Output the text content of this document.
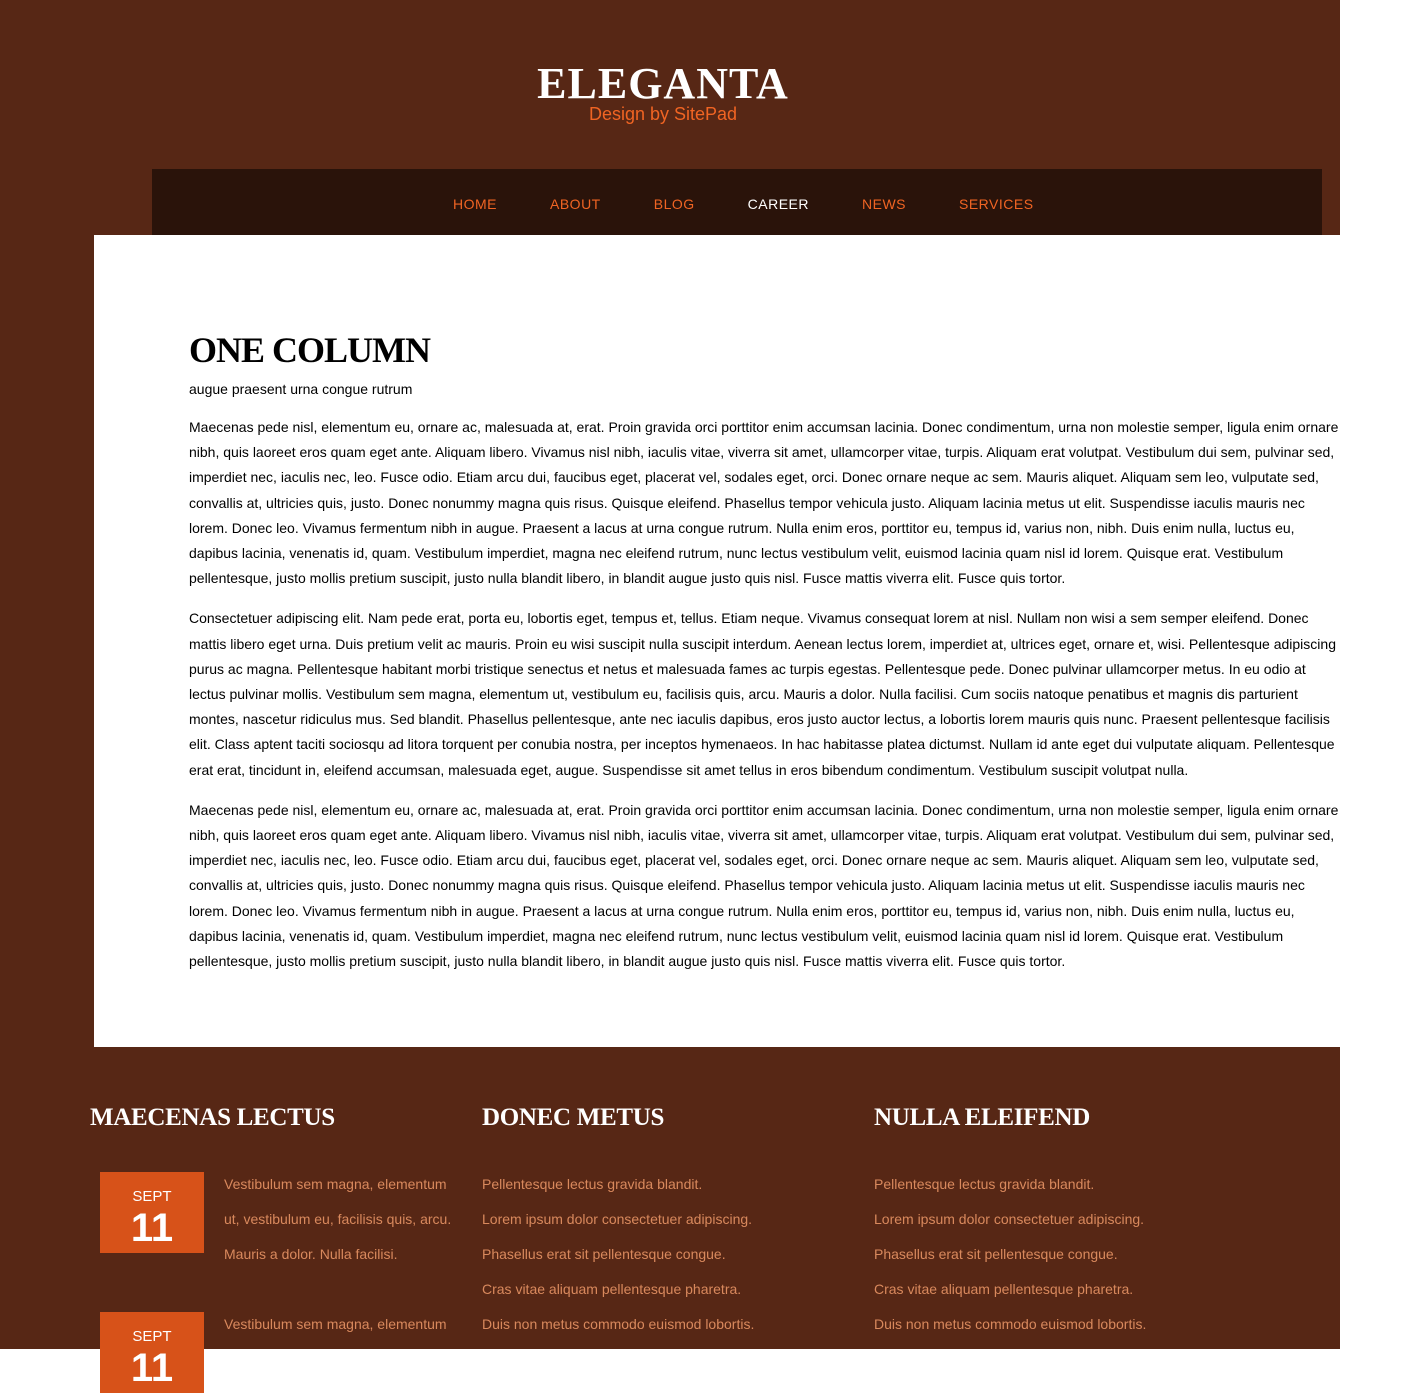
ELEGANTA
Design by SitePad
HOME	ABOUT	BLOG	CAREER	NEWS	SERVICES
ONE COLUMN
augue praesent urna congue rutrum

Maecenas pede nisl, elementum eu, ornare ac, malesuada at, erat. Proin gravida orci porttitor enim accumsan lacinia. Donec condimentum, urna non molestie semper, ligula enim ornare nibh, quis laoreet eros quam eget ante. Aliquam libero. Vivamus nisl nibh, iaculis vitae, viverra sit amet, ullamcorper vitae, turpis. Aliquam erat volutpat. Vestibulum dui sem, pulvinar sed, imperdiet nec, iaculis nec, leo. Fusce odio. Etiam arcu dui, faucibus eget, placerat vel, sodales eget, orci. Donec ornare neque ac sem. Mauris aliquet. Aliquam sem leo, vulputate sed, convallis at, ultricies quis, justo. Donec nonummy magna quis risus. Quisque eleifend. Phasellus tempor vehicula justo. Aliquam lacinia metus ut elit. Suspendisse iaculis mauris nec lorem. Donec leo. Vivamus fermentum nibh in augue. Praesent a lacus at urna congue rutrum. Nulla enim eros, porttitor eu, tempus id, varius non, nibh. Duis enim nulla, luctus eu, dapibus lacinia, venenatis id, quam. Vestibulum imperdiet, magna nec eleifend rutrum, nunc lectus vestibulum velit, euismod lacinia quam nisl id lorem. Quisque erat. Vestibulum pellentesque, justo mollis pretium suscipit, justo nulla blandit libero, in blandit augue justo quis nisl. Fusce mattis viverra elit. Fusce quis tortor.

Consectetuer adipiscing elit. Nam pede erat, porta eu, lobortis eget, tempus et, tellus. Etiam neque. Vivamus consequat lorem at nisl. Nullam non wisi a sem semper eleifend. Donec mattis libero eget urna. Duis pretium velit ac mauris. Proin eu wisi suscipit nulla suscipit interdum. Aenean lectus lorem, imperdiet at, ultrices eget, ornare et, wisi. Pellentesque adipiscing purus ac magna. Pellentesque habitant morbi tristique senectus et netus et malesuada fames ac turpis egestas. Pellentesque pede. Donec pulvinar ullamcorper metus. In eu odio at lectus pulvinar mollis. Vestibulum sem magna, elementum ut, vestibulum eu, facilisis quis, arcu. Mauris a dolor. Nulla facilisi. Cum sociis natoque penatibus et magnis dis parturient montes, nascetur ridiculus mus. Sed blandit. Phasellus pellentesque, ante nec iaculis dapibus, eros justo auctor lectus, a lobortis lorem mauris quis nunc. Praesent pellentesque facilisis elit. Class aptent taciti sociosqu ad litora torquent per conubia nostra, per inceptos hymenaeos. In hac habitasse platea dictumst. Nullam id ante eget dui vulputate aliquam. Pellentesque erat erat, tincidunt in, eleifend accumsan, malesuada eget, augue. Suspendisse sit amet tellus in eros bibendum condimentum. Vestibulum suscipit volutpat nulla.

Maecenas pede nisl, elementum eu, ornare ac, malesuada at, erat. Proin gravida orci porttitor enim accumsan lacinia. Donec condimentum, urna non molestie semper, ligula enim ornare nibh, quis laoreet eros quam eget ante. Aliquam libero. Vivamus nisl nibh, iaculis vitae, viverra sit amet, ullamcorper vitae, turpis. Aliquam erat volutpat. Vestibulum dui sem, pulvinar sed, imperdiet nec, iaculis nec, leo. Fusce odio. Etiam arcu dui, faucibus eget, placerat vel, sodales eget, orci. Donec ornare neque ac sem. Mauris aliquet. Aliquam sem leo, vulputate sed, convallis at, ultricies quis, justo. Donec nonummy magna quis risus. Quisque eleifend. Phasellus tempor vehicula justo. Aliquam lacinia metus ut elit. Suspendisse iaculis mauris nec lorem. Donec leo. Vivamus fermentum nibh in augue. Praesent a lacus at urna congue rutrum. Nulla enim eros, porttitor eu, tempus id, varius non, nibh. Duis enim nulla, luctus eu, dapibus lacinia, venenatis id, quam. Vestibulum imperdiet, magna nec eleifend rutrum, nunc lectus vestibulum velit, euismod lacinia quam nisl id lorem. Quisque erat. Vestibulum pellentesque, justo mollis pretium suscipit, justo nulla blandit libero, in blandit augue justo quis nisl. Fusce mattis viverra elit. Fusce quis tortor.

MAECENAS LECTUS
SEPT
11
Vestibulum sem magna, elementum ut, vestibulum eu, facilisis quis, arcu. Mauris a dolor. Nulla facilisi.
SEPT
11
Vestibulum sem magna, elementum
DONEC METUS
Pellentesque lectus gravida blandit.
Lorem ipsum dolor consectetuer adipiscing.
Phasellus erat sit pellentesque congue.
Cras vitae aliquam pellentesque pharetra.
Duis non metus commodo euismod lobortis.
NULLA ELEIFEND
Pellentesque lectus gravida blandit.
Lorem ipsum dolor consectetuer adipiscing.
Phasellus erat sit pellentesque congue.
Cras vitae aliquam pellentesque pharetra.
Duis non metus commodo euismod lobortis.
